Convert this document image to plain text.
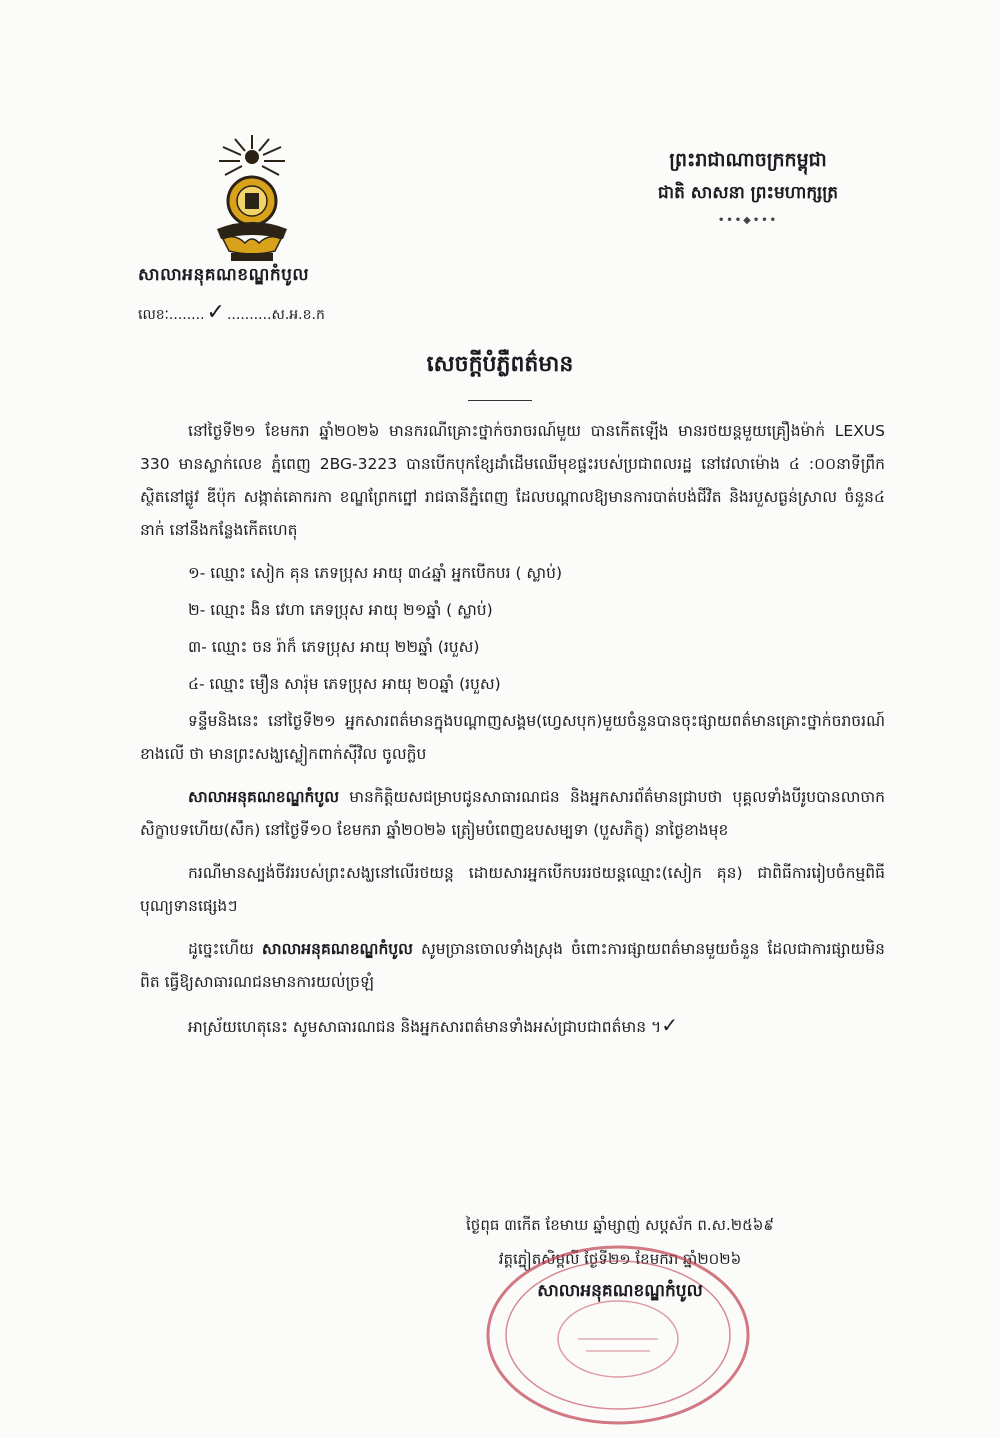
សាលាអនុគណខណ្ឌកំបូល
លេខៈ........✓ ..........ស.អ.ខ.ក
ព្រះរាជាណាចក្រកម្ពុជា
ជាតិ សាសនា ព្រះមហាក្សត្រ
•••◆•••
សេចក្តីបំភ្លឺពត៌មាន

នៅថ្ងៃទី២១ ខែមករា ឆ្នាំ២០២៦ មានករណីគ្រោះថ្នាក់ចរាចរណ៍មួយ បានកើតឡើង មានរថយន្តមួយគ្រឿងម៉ាក់ LEXUS 330 មានស្លាក់លេខ ភ្នំពេញ 2BG-3223 បានបើកបុកខ្សែដាំដើមឈើមុខផ្ទះរបស់ប្រជាពលរដ្ឋ នៅវេលាម៉ោង ៤ :០០នាទីព្រឹក ស្ថិតនៅផ្លូវ ឌីប៉ុក សង្កាត់គោករកា ខណ្ឌព្រែកព្នៅ រាជធានីភ្នំពេញ ដែលបណ្តាលឱ្យមានការបាត់បង់ជីវិត និងរបួសធ្ងន់ស្រាល ចំនួន៤ នាក់ នៅនឹងកន្លែងកើតហេតុ

១- ឈ្មោះ សៀក គុន ភេទប្រុស អាយុ ៣៤ឆ្នាំ អ្នកបើកបរ ( ស្លាប់)

២- ឈ្មោះ ងិន វេហា ភេទប្រុស អាយុ ២១ឆ្នាំ ( ស្លាប់)

៣- ឈ្មោះ ចន រ៉ាក៏ ភេទប្រុស អាយុ ២២ឆ្នាំ (របួស)

៤- ឈ្មោះ មឿន សារ៉ុម ភេទប្រុស អាយុ ២០ឆ្នាំ (របួស)

ទន្ទឹមនិងនេះ នៅថ្ងៃទី២១ អ្នកសារពត៌មានក្នុងបណ្តាញសង្គម(ហ្វេសបុក)មួយចំនួនបានចុះផ្សាយពត៌មានគ្រោះថ្នាក់ចរាចរណ៍ខាងលើ ថា មានព្រះសង្ឃស្លៀកពាក់ស៊ីវិល ចូលក្លិប

សាលាអនុគណខណ្ឌកំបូល មានកិត្តិយសជម្រាបជូនសាធារណជន និងអ្នកសារព័ត៌មានជ្រាបថា បុគ្គលទាំងបីរូបបានលាចាកសិក្ខាបទហើយ(សឹក) នៅថ្ងៃទី១០ ខែមករា ឆ្នាំ២០២៦ ត្រៀមបំពេញឧបសម្បទា (បួសភិក្ខុ) នាថ្ងៃខាងមុខ

ករណីមានស្បង់ចីវររបស់ព្រះសង្ឃនៅលើរថយន្ត ដោយសារអ្នកបើកបររថយន្តឈ្មោះ(សៀក គុន) ជាពិធីការរៀបចំកម្មពិធីបុណ្យទានផ្សេងៗ

ដូច្នេះហើយ សាលាអនុគណខណ្ឌកំបូល សូមច្រានចោលទាំងស្រុង ចំពោះការផ្សាយពត៌មានមួយចំនួន ដែលជាការផ្សាយមិនពិត ធ្វើឱ្យសាធារណជនមានការយល់ច្រឡំ

អាស្រ័យហេតុនេះ សូមសាធារណជន និងអ្នកសារពត៌មានទាំងអស់ជ្រាបជាពត៌មាន ។✓

ថ្ងៃពុធ ៣កើត ខែមាឃ ឆ្នាំម្សាញ់ សប្តស័ក ព.ស.២៥៦៩
វត្តភ្នៀតសិម្ពលី ថ្ងៃទី២១ ខែមករា ឆ្នាំ២០២៦
សាលាអនុគណខណ្ឌកំបូល
